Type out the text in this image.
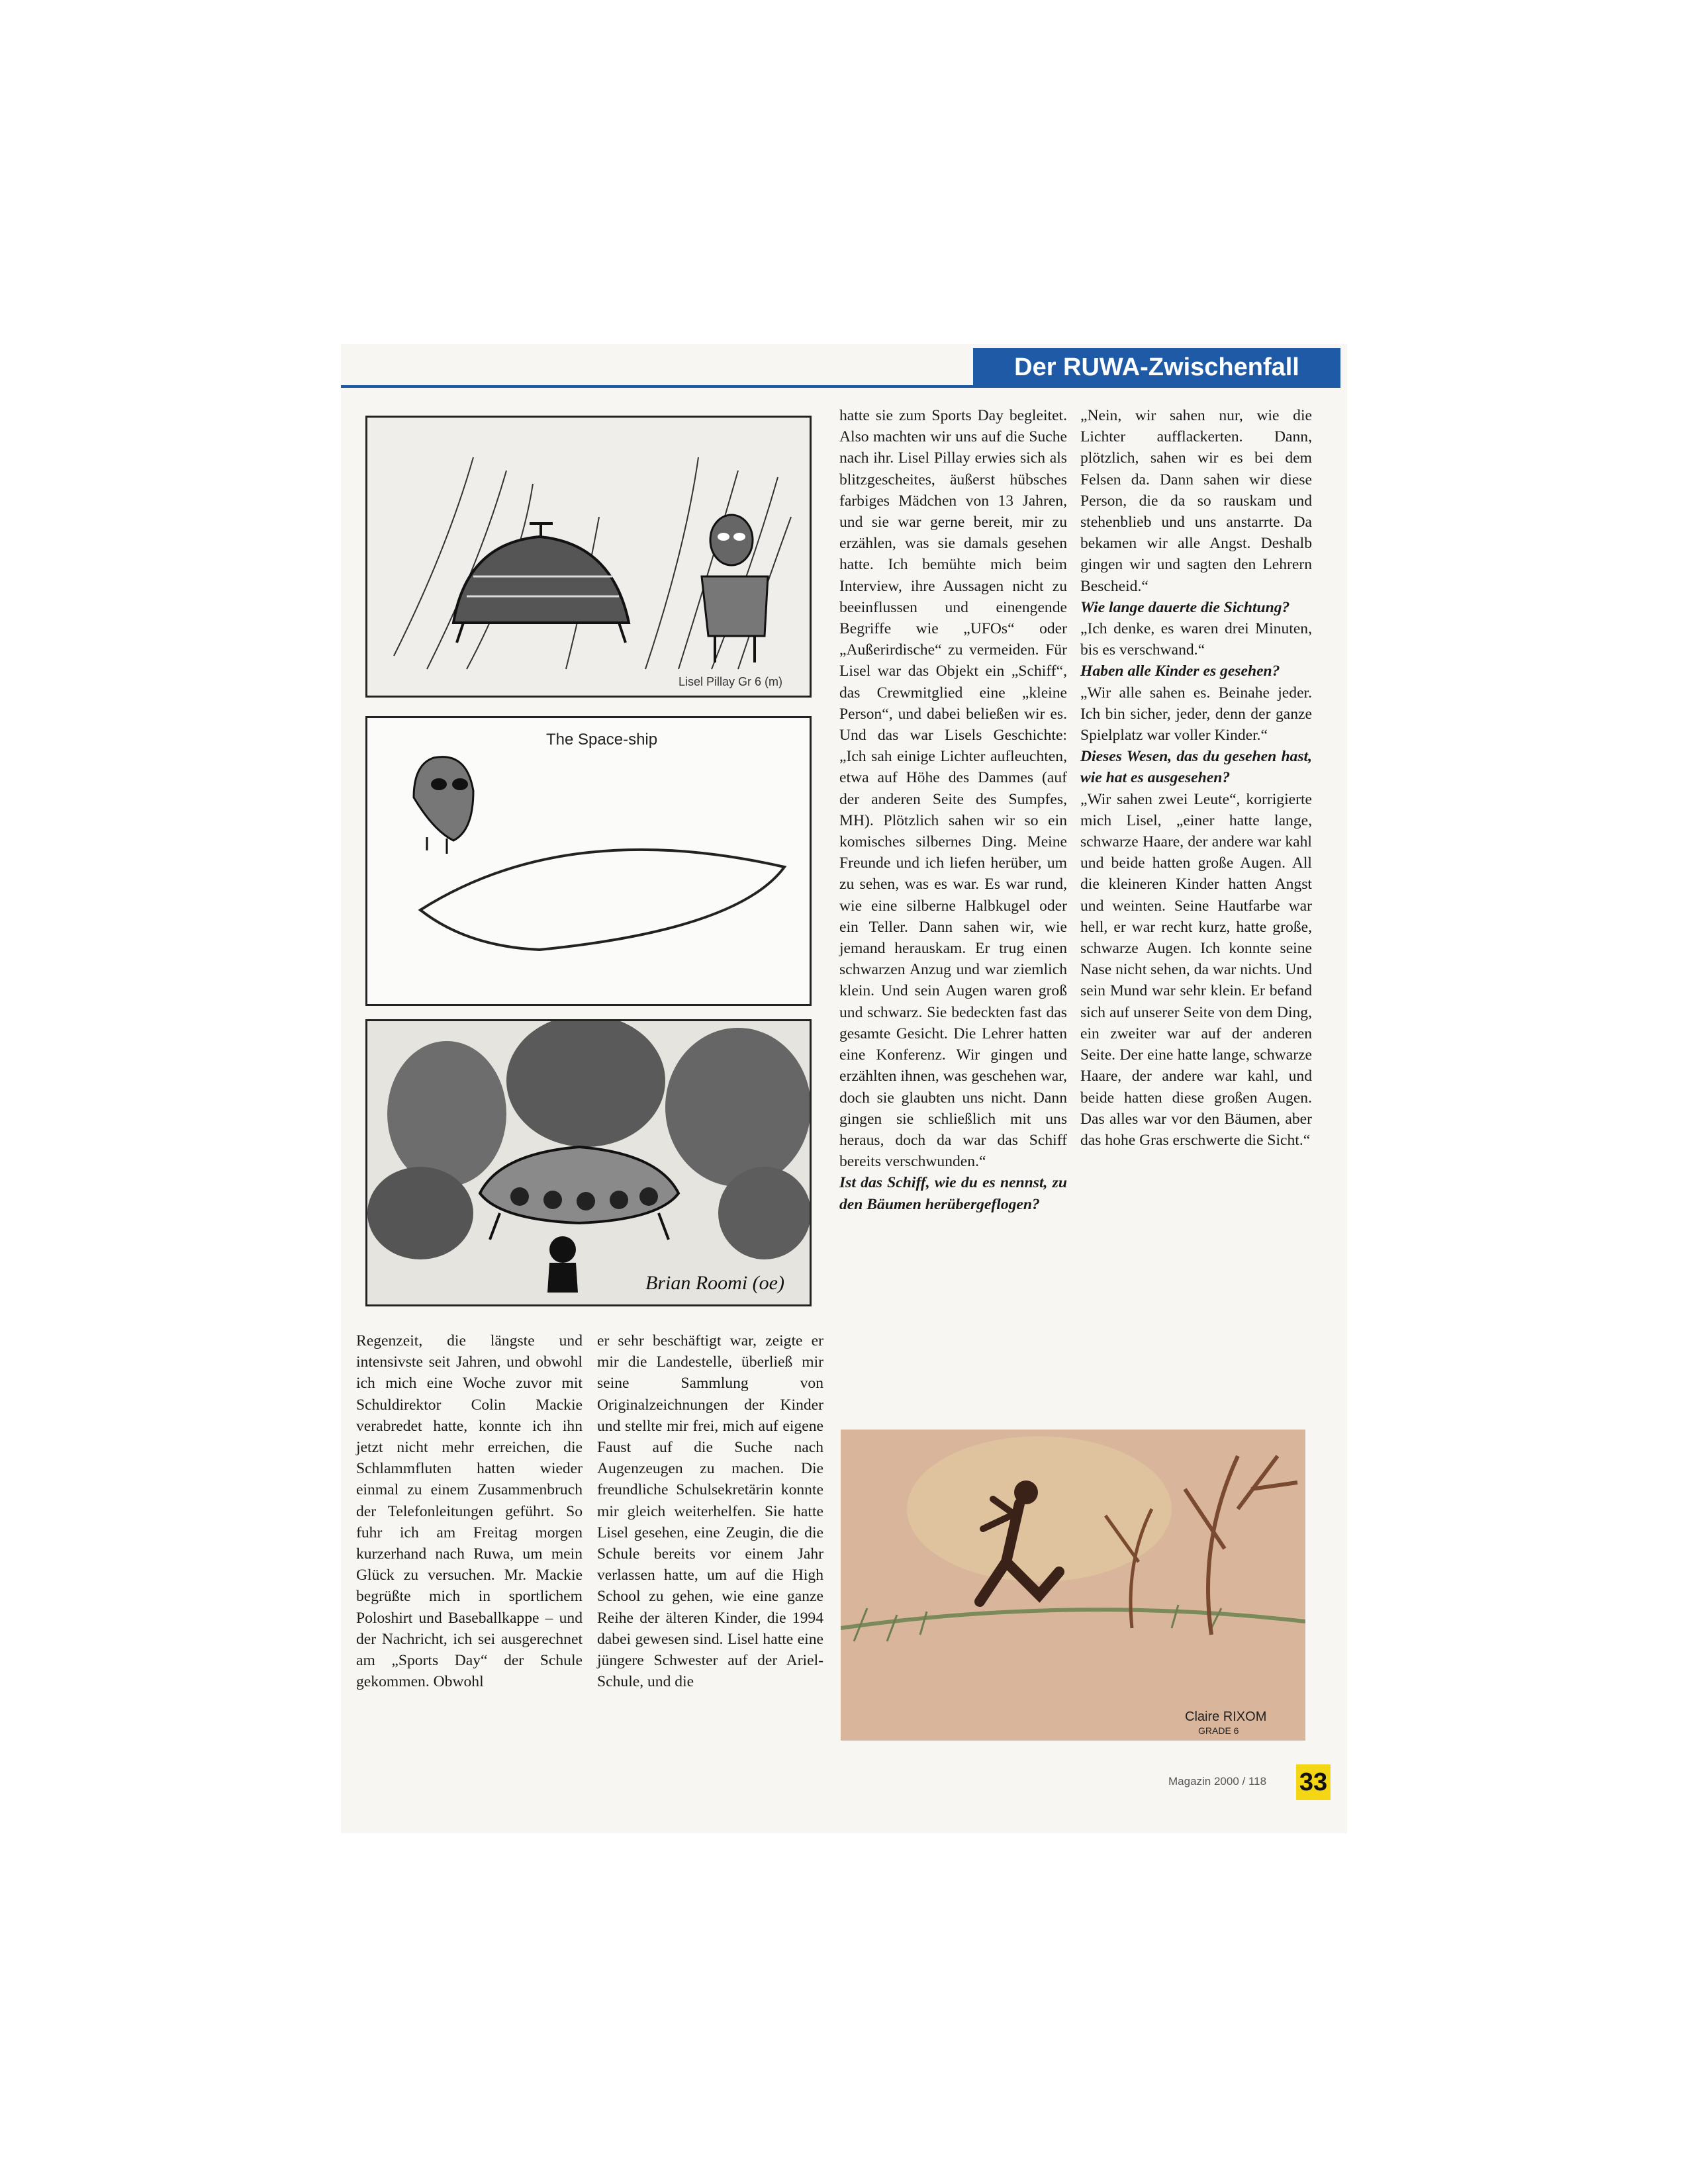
Der RUWA-Zwischenfall
Lisel Pillay Gr 6 (m)
The Space-ship
Brian Roomi (oe)
Claire RIXOM
GRADE 6

hatte sie zum Sports Day begleitet. Also machten wir uns auf die Suche nach ihr. Lisel Pillay erwies sich als blitzgescheites, äußerst hübsches farbiges Mädchen von 13 Jahren, und sie war gerne bereit, mir zu erzählen, was sie damals gesehen hatte. Ich bemühte mich beim Interview, ihre Aussagen nicht zu beeinflussen und einengende Begriffe wie „UFOs“ oder „Außerirdische“ zu vermeiden. Für Lisel war das Objekt ein „Schiff“, das Crewmitglied eine „kleine Person“, und dabei beließen wir es. Und das war Lisels Geschichte: „Ich sah einige Lichter aufleuchten, etwa auf Höhe des Dammes (auf der anderen Seite des Sumpfes, MH). Plötzlich sahen wir so ein komisches silbernes Ding. Meine Freunde und ich liefen herüber, um zu sehen, was es war. Es war rund, wie eine silberne Halbkugel oder ein Teller. Dann sahen wir, wie jemand herauskam. Er trug einen schwarzen Anzug und war ziemlich klein. Und sein Augen waren groß und schwarz. Sie bedeckten fast das gesamte Gesicht. Die Lehrer hatten eine Konferenz. Wir gingen und erzählten ihnen, was geschehen war, doch sie glaubten uns nicht. Dann gingen sie schließlich mit uns heraus, doch da war das Schiff bereits verschwunden.“

Ist das Schiff, wie du es nennst, zu den Bäumen herübergeflogen?

„Nein, wir sahen nur, wie die Lichter aufflackerten. Dann, plötzlich, sahen wir es bei dem Felsen da. Dann sahen wir diese Person, die da so rauskam und stehenblieb und uns anstarrte. Da bekamen wir alle Angst. Deshalb gingen wir und sagten den Lehrern Bescheid.“

Wie lange dauerte die Sichtung?

„Ich denke, es waren drei Minuten, bis es verschwand.“

Haben alle Kinder es gesehen?

„Wir alle sahen es. Beinahe jeder. Ich bin sicher, jeder, denn der ganze Spielplatz war voller Kinder.“

Dieses Wesen, das du gesehen hast, wie hat es ausgesehen?

„Wir sahen zwei Leute“, korrigierte mich Lisel, „einer hatte lange, schwarze Haare, der andere war kahl und beide hatten große Augen. All die kleineren Kinder hatten Angst und weinten. Seine Hautfarbe war hell, er war recht kurz, hatte große, schwarze Augen. Ich konnte seine Nase nicht sehen, da war nichts. Und sein Mund war sehr klein. Er befand sich auf unserer Seite von dem Ding, ein zweiter war auf der anderen Seite. Der eine hatte lange, schwarze Haare, der andere war kahl, und beide hatten diese großen Augen. Das alles war vor den Bäumen, aber das hohe Gras erschwerte die Sicht.“

Regenzeit, die längste und intensivste seit Jahren, und obwohl ich mich eine Woche zuvor mit Schuldirektor Colin Mackie verabredet hatte, konnte ich ihn jetzt nicht mehr erreichen, die Schlammfluten hatten wieder einmal zu einem Zusammenbruch der Telefonleitungen geführt. So fuhr ich am Freitag morgen kurzerhand nach Ruwa, um mein Glück zu versuchen. Mr. Mackie begrüßte mich in sportlichem Poloshirt und Baseballkappe – und der Nachricht, ich sei ausgerechnet am „Sports Day“ der Schule gekommen. Obwohl

er sehr beschäftigt war, zeigte er mir die Landestelle, überließ mir seine Sammlung von Originalzeichnungen der Kinder und stellte mir frei, mich auf eigene Faust auf die Suche nach Augenzeugen zu machen. Die freundliche Schulsekretärin konnte mir gleich weiterhelfen. Sie hatte Lisel gesehen, eine Zeugin, die die Schule bereits vor einem Jahr verlassen hatte, um auf die High School zu gehen, wie eine ganze Reihe der älteren Kinder, die 1994 dabei gewesen sind. Lisel hatte eine jüngere Schwester auf der Ariel-Schule, und die

Magazin 2000 / 118 33
